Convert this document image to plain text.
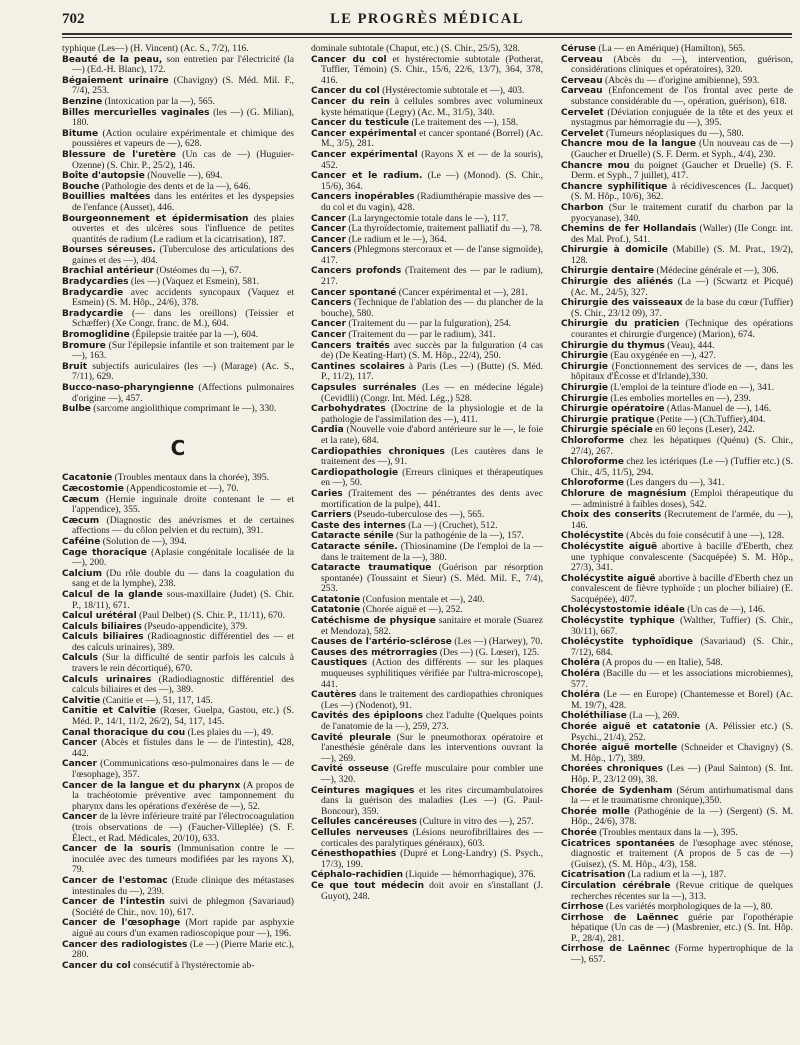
702	LE PROGRÈS MÉDICAL

typhique (Les—) (H. Vincent) (Ac. S., 7/2), 116.

Beauté de la peau, son entretien par l'électricité (la —) (Ed.-H. Blanc), 172.

Bégaiement urinaire (Chavigny) (S. Méd. Mil. F., 7/4), 253.

Benzine (Intoxication par la —), 565.

Billes mercurielles vaginales (les —) (G. Milian), 180.

Bitume (Action oculaire expérimentale et chimique des poussières et vapeurs de —), 628.

Blessure de l'uretère (Un cas de —) (Huguier-Ozenne) (S. Chir. P., 25/2), 146.

Boîte d'autopsie (Nouvelle —), 694.

Bouche (Pathologie des dents et de la —), 646.

Bouillies maltées dans les entérites et les dyspepsies de l'enfance (Ausset), 446.

Bourgeonnement et épidermisation des plaies ouvertes et des ulcères sous l'influence de petites quantités de radium (Le radium et la cicatrisation), 187.

Bourses séreuses. (Tuberculose des articulations des gaines et des —), 404.

Brachial antérieur (Ostéomes du —), 67.

Bradycardies (les —) (Vaquez et Esmein), 581.

Bradycardie avec accidents syncopaux (Vaquez et Esmein) (S. M. Hôp., 24/6), 378.

Bradycardie (— dans les oreillons) (Teissier et Schæffer) (Xe Congr. franc. de M.), 604.

Bromoglidine (Épilepsie traitée par la —), 604.

Bromure (Sur l'épilepsie infantile et son traitement par le —), 163.

Bruit subjectifs auriculaires (les —) (Marage) (Ac. S., 7/11), 629.

Bucco-naso-pharyngienne (Affections pulmonaires d'origine —), 457.

Bulbe (sarcome angiolithique comprimant le —), 330.

C

Cacatonie (Troubles mentaux dans la chorée), 395.

Cæcostomie (Appendicostomie et —), 70.

Cæcum (Hernie inguinale droite contenant le — et l'appendice), 355.

Cæcum (Diagnostic des anévrismes et de certaines affections — du côlon pelvien et du rectum), 391.

Caféine (Solution de —), 394.

Cage thoracique (Aplasie congénitale localisée de la —), 200.

Calcium (Du rôle double du — dans la coagulation du sang et de la lymphe), 238.

Calcul de la glande sous-maxillaire (Judet) (S. Chir. P., 18/11), 671.

Calcul urétéral (Paul Delbet) (S. Chir. P., 11/11), 670.

Calculs biliaires (Pseudo-appendicite), 379.

Calculs biliaires (Radioagnostic différentiel des — et des calculs urinaires), 389.

Calculs (Sur la difficulté de sentir parfois les calculs à travers le rein décortiqué), 670.

Calculs urinaires (Radiodiagnostic différentiel des calculs biliaires et des —), 389.

Calvitie (Canitie et —), 51, 117, 145.

Canitie et Calvitie (Rœser, Guelpa, Gastou, etc.) (S. Méd. P., 14/1, 11/2, 26/2), 54, 117, 145.

Canal thoracique du cou (Les plaies du —), 49.

Cancer (Abcès et fistules dans le — de l'intestin), 428, 442.

Cancer (Communications œso-pulmonaires dans le — de l'œsophage), 357.

Cancer de la langue et du pharynx (A propos de la trachéotomie préventive avec tamponnement du pharynx dans les opérations d'exérèse de —), 52.

Cancer de la lèvre inférieure traité par l'électrocoagulation (trois observations de —) (Faucher-Villeplée) (S. F. Élect., et Rad. Médicales, 20/10), 633.

Cancer de la souris (Immunisation contre le — inoculée avec des tumeurs modifiées par les rayons X), 79.

Cancer de l'estomac (Etude clinique des métastases intestinales du —), 239.

Cancer de l'intestin suivi de phlegmon (Savariaud) (Société de Chir., nov. 10), 617.

Cancer de l'œsophage (Mort rapide par asphyxie aiguë au cours d'un examen radioscopique pour —), 196.

Cancer des radiologistes (Le —) (Pierre Marie etc.), 280.

Cancer du col consécutif à l'hystérectomie ab-

dominale subtotale (Chaput, etc.) (S. Chir., 25/5), 328.

Cancer du col et hystérectomie subtotale (Potherat, Tuffier, Témoin) (S. Chir., 15/6, 22/6, 13/7), 364, 378, 416.

Cancer du col (Hystérectomie subtotale et —), 403.

Cancer du rein à cellules sombres avec volumineux kyste hématique (Legry) (Ac. M., 31/5), 340.

Cancer du testicule (Le traitement des —), 158.

Cancer expérimental et cancer spontané (Borrel) (Ac. M., 3/5), 281.

Cancer expérimental (Rayons X et — de la souris), 452.

Cancer et le radium. (Le —) (Monod). (S. Chir., 15/6), 364.

Cancers inopérables (Radiumthérapie massive des — du col et du vagin), 428.

Cancer (La laryngectomie totale dans le —), 117.

Cancer (La thyroïdectomie, traitement palliatif du —), 78.

Cancer (Le radium et le —), 364.

Cancers (Phlegmons stercoraux et — de l'anse sigmoïde), 417.

Cancers profonds (Traitement des — par le radium), 217.

Cancer spontané (Cancer expérimental et —), 281.

Cancers (Technique de l'ablation des — du plancher de la bouche), 580.

Cancer (Traitement du — par la fulguration), 254.

Cancer (Traitement du — par le radium), 341.

Cancers traités avec succès par la fulguration (4 cas de) (De Keating-Hart) (S. M. Hôp., 22/4), 250.

Cantines scolaires à Paris (Les —) (Butte) (S. Méd. P., 11/2), 117.

Capsules surrénales (Les — en médecine légale) (Cevidlli) (Congr. Int. Méd. Lég.,) 528.

Carbohydrates (Doctrine de la physiologie et de la pathologie de l'assimilation des —), 411.

Cardia (Nouvelle voie d'abord antérieure sur le —, le foie et la rate), 684.

Cardiopathies chroniques (Les cautères dans le traitement des —), 91.

Cardiopathologie (Erreurs cliniques et thérapeutiques en —), 50.

Caries (Traitement des — pénétrantes des dents avec mortification de la pulpe), 441.

Carriers (Pseudo-tuberculose des —), 565.

Caste des internes (La —) (Cruchet), 512.

Cataracte sénile (Sur la pathogénie de la —), 157.

Cataracte sénile. (Thiosinamine (De l'emploi de la — dans le traitement de la —), 380.

Cataracte traumatique (Guérison par résorption spontanée) (Toussaint et Sieur) (S. Méd. Mil. F., 7/4), 253.

Catatonie (Confusion mentale et —), 240.

Catatonie (Chorée aiguë et —), 252.

Catéchisme de physique sanitaire et morale (Suarez et Mendoza), 582.

Causes de l'artério-sclérose (Les —) (Harwey), 70.

Causes des métrorragies (Des —) (G. Lœser), 125.

Caustiques (Action des différents — sur les plaques muqueuses syphilitiques vérifiée par l'ultra-microscope), 441.

Cautères dans le traitement des cardiopathies chroniques (Les —) (Nodenot), 91.

Cavités des épiploons chez l'adulte (Quelques points de l'anatomie de la —), 259, 273.

Cavité pleurale (Sur le pneumothorax opératoire et l'anesthésie générale dans les interventions ouvrant la —), 269.

Cavité osseuse (Greffe musculaire pour combler une —), 320.

Ceintures magiques et les rites circumambulatoires dans la guérison des maladies (Les —) (G. Paul-Boncour), 359.

Cellules cancéreuses (Culture in vitro des —), 257.

Cellules nerveuses (Lésions neurofibrillaires des — corticales des paralytiques généraux), 603.

Cénesthopathies (Dupré et Long-Landry) (S. Psych., 17/3), 199.

Céphalo-rachidien (Liquide — hémorrhagique), 376.

Ce que tout médecin doit avoir en s'installant (J. Guyot), 248.

Céruse (La — en Amérique) (Hamilton), 565.

Cerveau (Abcès du —), intervention, guérison, considérations cliniques et opératoires), 320.

Cerveau (Abcès du — d'origine amibienne), 593.

Carveau (Enfoncement de l'os frontal avec perte de substance considérable du —, opération, guérison), 618.

Cervelet (Déviation conjuguée de la tête et des yeux et nystagmus par hémorragie du —), 395.

Cervelet (Tumeurs néoplasiques du —), 580.

Chancre mou de la langue (Un nouveau cas de —) (Gaucher et Druelle) (S. F. Derm. et Syph., 4/4), 230.

Chancre mou du poignet (Gaucher et Druelle) (S. F. Derm. et Syph., 7 juillet), 417.

Chancre syphilitique à récidivescences (L. Jacquet) (S. M. Hôp., 10/6), 362.

Charbon (Sur le traitement curatif du charbon par la pyocyanase), 340.

Chemins de fer Hollandais (Waller) (IIe Congr. int. des Mal. Prof.), 541.

Chirurgie à domicile (Mabille) (S. M. Prat., 19/2), 128.

Chirurgie dentaire (Médecine générale et —), 306.

Chirurgie des aliénés (La —) (Scwartz et Picqué) (Ac. M., 24/5), 327.

Chirurgie des vaisseaux de la base du cœur (Tuffier) (S. Chir., 23/12 09), 37.

Chirurgie du praticien (Technique des opérations courantes et chirurgie d'urgence) (Marion), 674.

Chirurgie du thymus (Veau), 444.

Chirurgie (Eau oxygénée en —), 427.

Chirurgie (Fonctionnement des services de —, dans les hôpitaux d'Écosse et d'Irlande),330.

Chirurgie (L'emploi de la teinture d'iode en —), 341.

Chirurgie (Les embolies mortelles en —), 239.

Chirurgie opératoire (Atlas-Manuel de —), 146.

Chirurgie pratique (Petite —) (Ch.Tuffier),404.

Chirurgie spéciale en 60 leçons (Leser), 242.

Chloroforme chez les hépatiques (Quénu) (S. Chir., 27/4), 267.

Chloroforme chez les ictériques (Le —) (Tuffier etc.) (S. Chir., 4/5, 11/5), 294.

Chloroforme (Les dangers du —), 341.

Chlorure de magnésium (Emploi thérapeutique du — administré à faibles doses), 542.

Choix des conserits (Recrutement de l'armée, du —), 146.

Cholécystite (Abcès du foie consécutif à une —), 128.

Cholécystite aiguë abortive à bacille d'Eberth, chez une typhique convalescente (Sacquépée) S. M. Hôp., 27/3), 341.

Cholécystite aiguë abortive à bacille d'Eberth chez un convalescent de fièvre typhoïde ; un plocher biliaire) (E. Sacquépée), 407.

Cholécystostomie idéale (Un cas de —), 146.

Cholécystite typhique (Walther, Tuffier) (S. Chir., 30/11), 667.

Cholécystite typhoïdique (Savariaud) (S. Chir., 7/12), 684.

Choléra (A propos du — en Italie), 548.

Choléra (Bacille du — et les associations microbiennes), 577.

Choléra (Le — en Europe) (Chantemesse et Borel) (Ac. M. 19/7), 428.

Choléthiliase (La —), 269.

Chorée aiguë et catatonie (A. Pélissier etc.) (S. Psychi., 21/4), 252.

Chorée aiguë mortelle (Schneider et Chavigny) (S. M. Hôp., 1/7), 389.

Chorées chroniques (Les —) (Paul Sainton) (S. Int. Hôp. P., 23/12 09), 38.

Chorée de Sydenham (Sérum antirhumatismal dans la — et le traumatisme chronique),350.

Chorée molle (Pathogénie de la —) (Sergent) (S. M. Hôp., 24/6), 378.

Chorée (Troubles mentaux dans la —), 395.

Cicatrices spontanées de l'œsophage avec sténose, diagnostic et traitement (A propos de 5 cas de —) (Guisez), (S. M. Hôp., 4/3), 158.

Cicatrisation (La radium et la —), 187.

Circulation cérébrale (Revue critique de quelques recherches récentes sur la —), 313.

Cirrhose (Les variétés morphologiques de la —), 80.

Cirrhose de Laënnec guérie par l'opothérapie hépatique (Un cas de —) (Masbrenier, etc.) (S. Int. Hôp. P., 28/4), 281.

Cirrhose de Laënnec (Forme hypertrophique de la —), 657.
